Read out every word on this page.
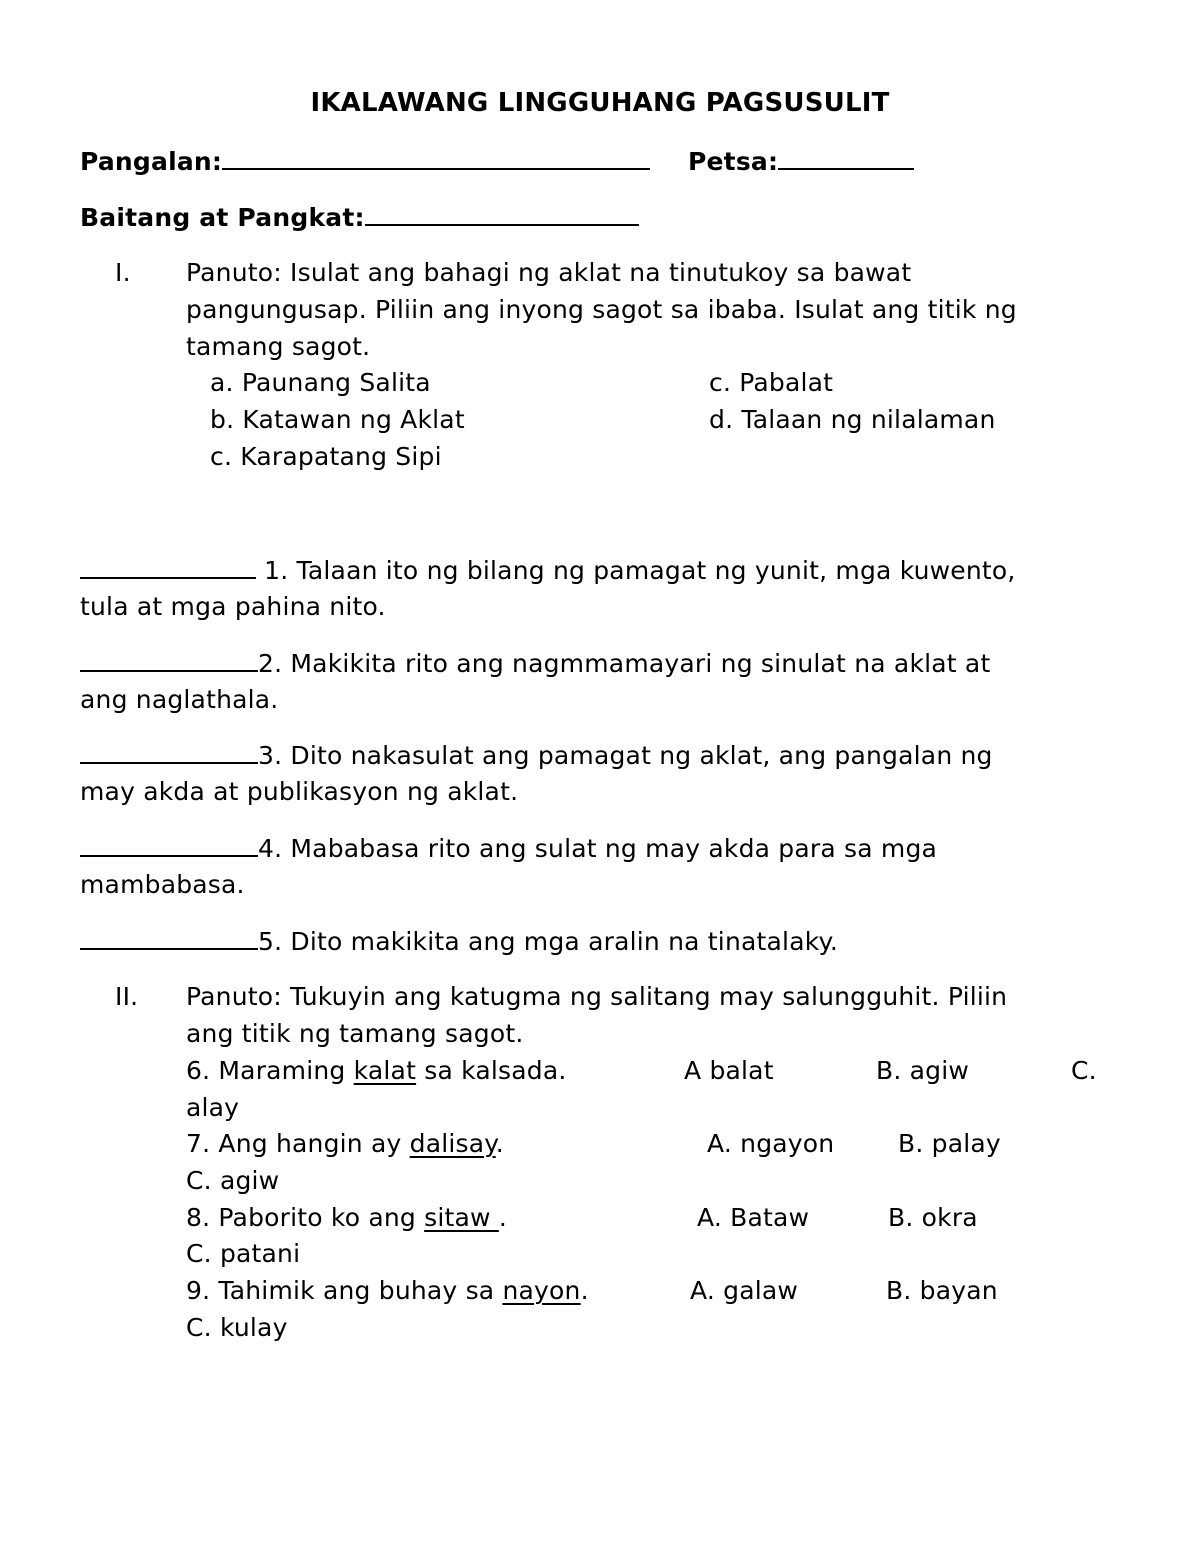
IKALAWANG LINGGUHANG PAGSUSULIT
Pangalan:	Petsa:
Baitang at Pangkat:
I. Panuto: Isulat ang bahagi ng aklat na tinutukoy sa bawat
pangungusap. Piliin ang inyong sagot sa ibaba. Isulat ang titik ng
tamang sagot.
a. Paunang Salita	c. Pabalat
b. Katawan ng Aklat	d. Talaan ng nilalaman
c. Karapatang Sipi
1. Talaan ito ng bilang ng pamagat ng yunit, mga kuwento,
tula at mga pahina nito.
2. Makikita rito ang nagmmamayari ng sinulat na aklat at
ang naglathala.
3. Dito nakasulat ang pamagat ng aklat, ang pangalan ng
may akda at publikasyon ng aklat.
4. Mababasa rito ang sulat ng may akda para sa mga
mambabasa.
5. Dito makikita ang mga aralin na tinatalaky.
II. Panuto: Tukuyin ang katugma ng salitang may salungguhit. Piliin
ang titik ng tamang sagot.
6. Maraming kalat sa kalsada.	A balat	B. agiw	C.
alay
7. Ang hangin ay dalisay.	A. ngayon	B. palay
C. agiw
8. Paborito ko ang sitaw .	A. Bataw	B. okra
C. patani
9. Tahimik ang buhay sa nayon.	A. galaw	B. bayan
C. kulay
